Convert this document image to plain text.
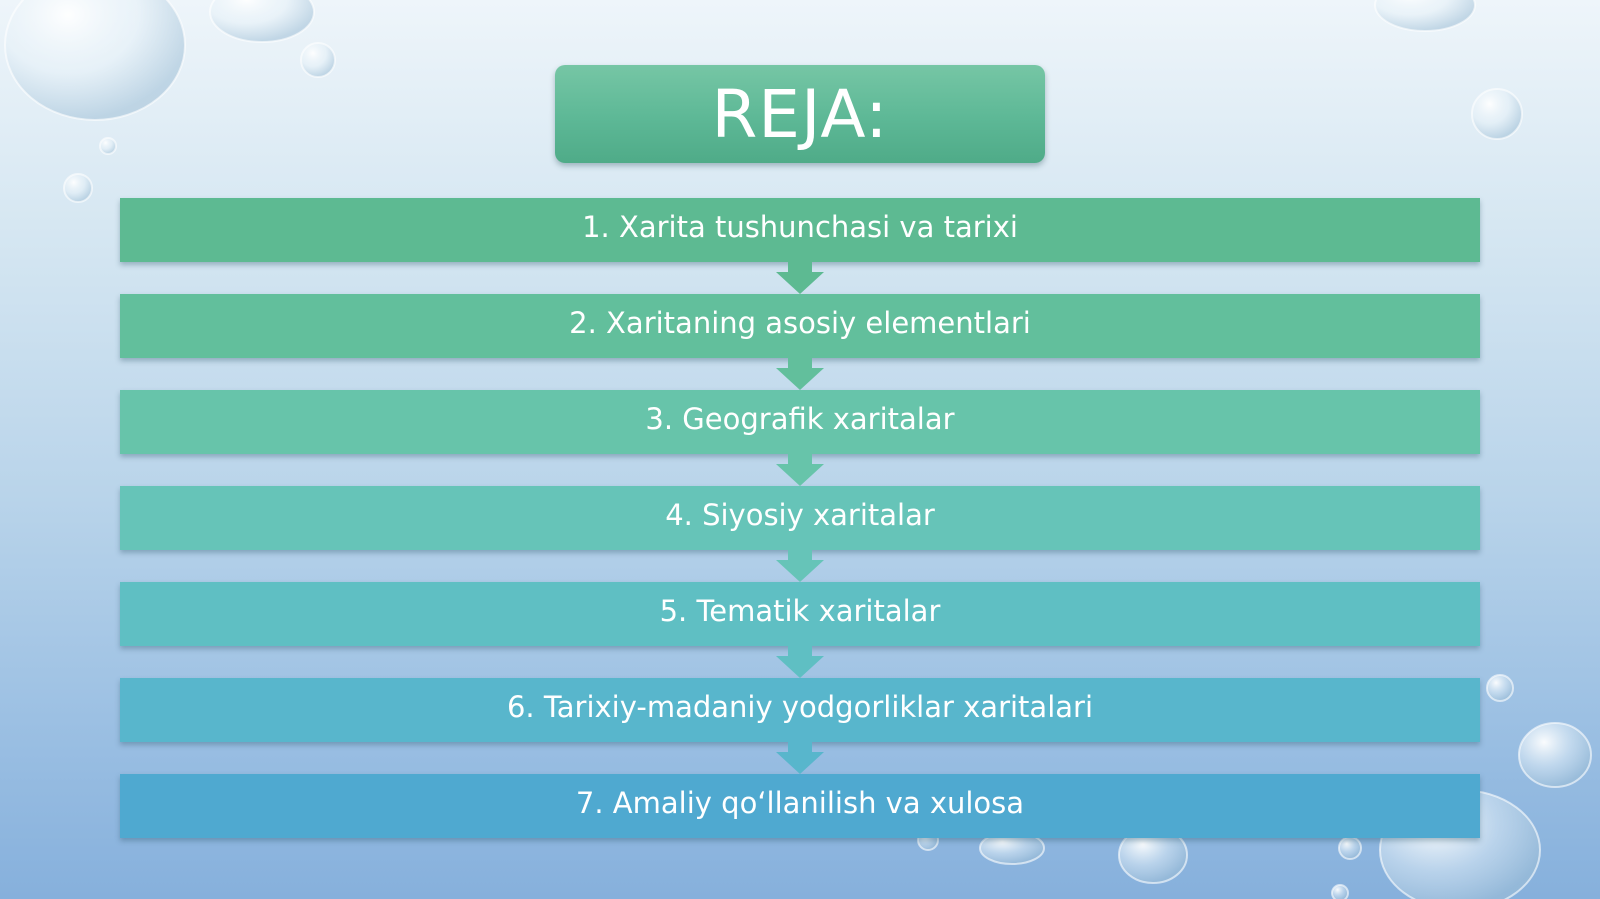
REJA:
1. Xarita tushunchasi va tarixi
2. Xaritaning asosiy elementlari
3. Geografik xaritalar
4. Siyosiy xaritalar
5. Tematik xaritalar
6. Tarixiy-madaniy yodgorliklar xaritalari
7. Amaliy qo‘llanilish va xulosa
